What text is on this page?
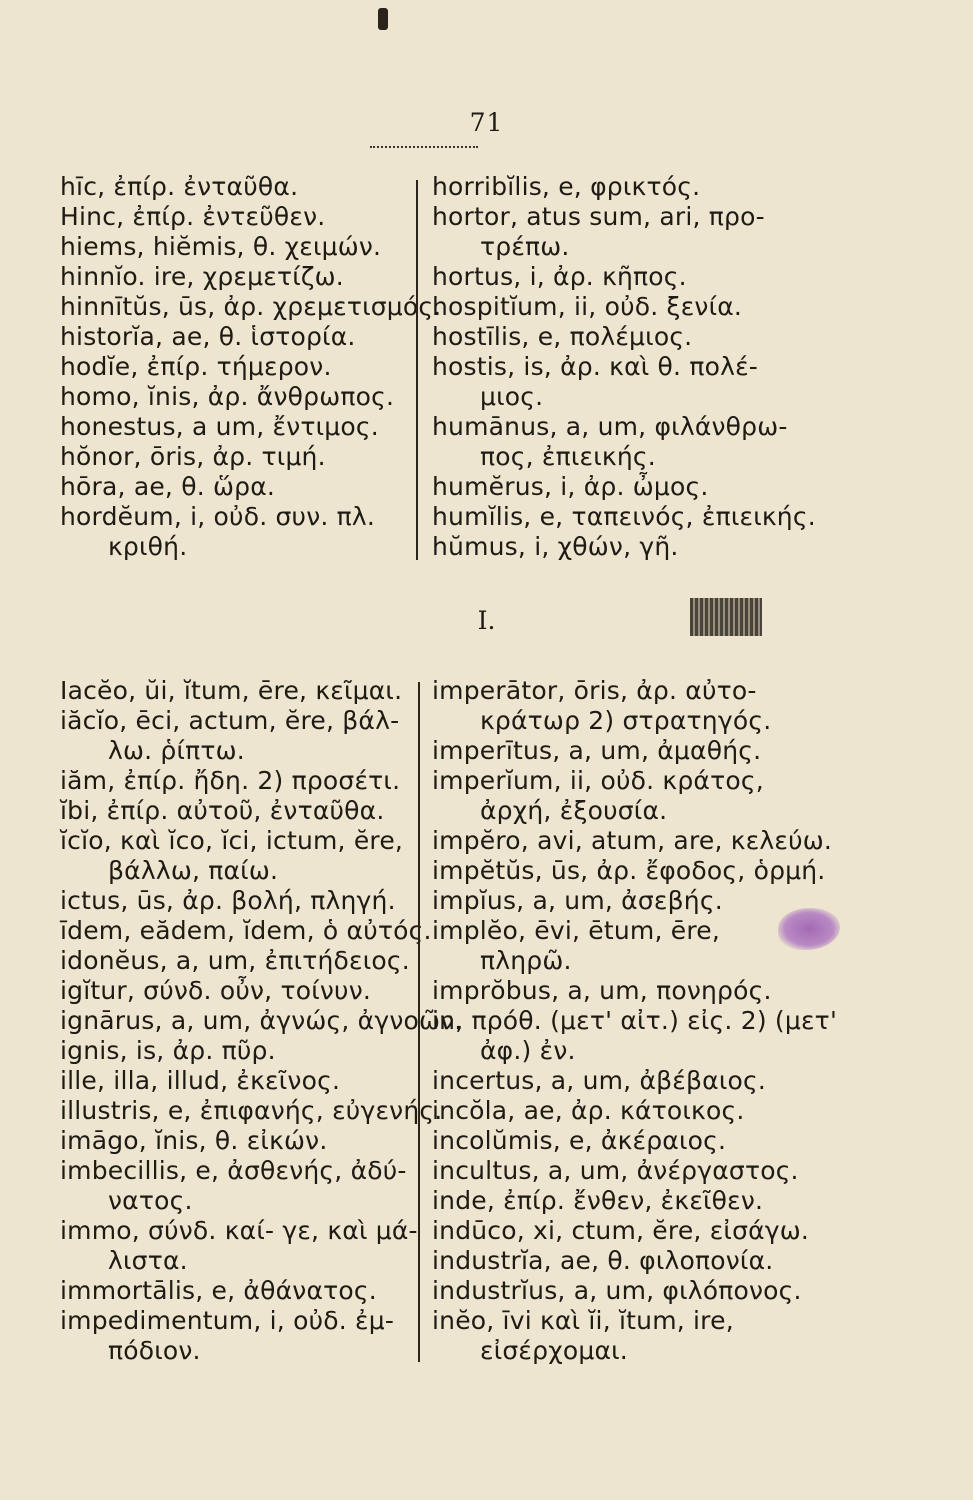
71
hīc, ἐπίρ. ἐνταῦθα.
Hinc, ἐπίρ. ἐντεῦθεν.
hiems, hiĕmis, θ. χειμών.
hinnĭo. ire, χρεμετίζω.
hinnītŭs, ūs, ἀρ. χρεμετισμός.
historĭa, ae, θ. ἱστορία.
hodĭe, ἐπίρ. τήμερον.
homo, ĭnis, ἀρ. ἄνθρωπος.
honestus, a um, ἔντιμος.
hŏnor, ōris, ἀρ. τιμή.
hōra, ae, θ. ὥρα.
hordĕum, i, οὐδ. συν. πλ.
κριθή.
horribĭlis, e, φρικτός.
hortor, atus sum, ari, προ-
τρέπω.
hortus, i, ἀρ. κῆπος.
hospitĭum, ii, οὐδ. ξενία.
hostīlis, e, πολέμιος.
hostis, is, ἀρ. καὶ θ. πολέ-
μιος.
humānus, a, um, φιλάνθρω-
πος, ἐπιεικής.
humĕrus, i, ἀρ. ὦμος.
humĭlis, e, ταπεινός, ἐπιεικής.
hŭmus, i, χθών, γῆ.
I.
Iacĕo, ŭi, ĭtum, ēre, κεῖμαι.
iăcĭo, ēci, actum, ĕre, βάλ-
λω. ῥίπτω.
iăm, ἐπίρ. ἤδη. 2) προσέτι.
ĭbi, ἐπίρ. αὐτοῦ, ἐνταῦθα.
ĭcĭo, καὶ ĭco, ĭci, ictum, ĕre,
βάλλω, παίω.
ictus, ūs, ἀρ. βολή, πληγή.
īdem, eădem, ĭdem, ὁ αὐτός.
idonĕus, a, um, ἐπιτήδειος.
igĭtur, σύνδ. οὖν, τοίνυν.
ignārus, a, um, ἀγνώς, ἀγνοῶν.
ignis, is, ἀρ. πῦρ.
ille, illa, illud, ἐκεῖνος.
illustris, e, ἐπιφανής, εὐγενής.
imāgo, ĭnis, θ. εἰκών.
imbecillis, e, ἀσθενής, ἀδύ-
νατος.
immo, σύνδ. καί- γε, καὶ μά-
λιστα.
immortālis, e, ἀθάνατος.
impedimentum, i, οὐδ. ἐμ-
πόδιον.
imperātor, ōris, ἀρ. αὐτο-
κράτωρ 2) στρατηγός.
imperītus, a, um, ἀμαθής.
imperĭum, ii, οὐδ. κράτος,
ἀρχή, ἐξουσία.
impĕro, avi, atum, are, κελεύω.
impĕtŭs, ūs, ἀρ. ἔφοδος, ὁρμή.
impĭus, a, um, ἀσεβής.
implĕo, ēvi, ētum, ēre,
πληρῶ.
imprŏbus, a, um, πονηρός.
in, πρόθ. (μετ' αἰτ.) εἰς. 2) (μετ'
ἀφ.) ἐν.
incertus, a, um, ἀβέβαιος.
incŏla, ae, ἀρ. κάτοικος.
incolŭmis, e, ἀκέραιος.
incultus, a, um, ἀνέργαστος.
inde, ἐπίρ. ἔνθεν, ἐκεῖθεν.
indūco, xi, ctum, ĕre, εἰσάγω.
industrĭa, ae, θ. φιλοπονία.
industrĭus, a, um, φιλόπονος.
inĕo, īvi καὶ ĭi, ĭtum, ire,
εἰσέρχομαι.
